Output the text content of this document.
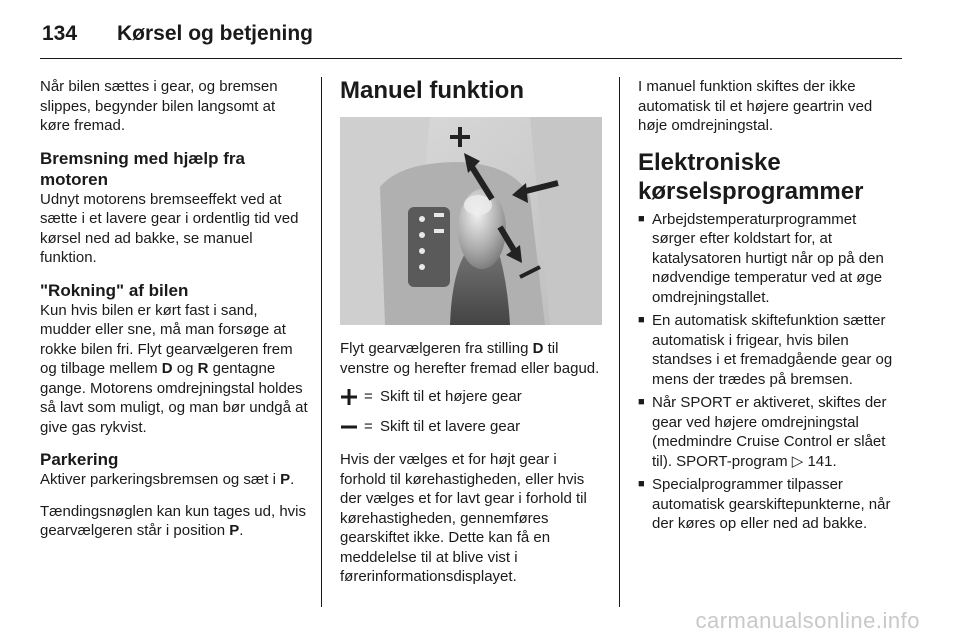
134	Kørsel og betjening

Når bilen sættes i gear, og bremsen slippes, begynder bilen langsomt at køre fremad.

Bremsning med hjælp fra motoren

Udnyt motorens bremseeffekt ved at sætte i et lavere gear i ordentlig tid ved kørsel ned ad bakke, se manuel funktion.

"Rokning" af bilen

Kun hvis bilen er kørt fast i sand, mudder eller sne, må man forsøge at rokke bilen fri. Flyt gearvælgeren frem og tilbage mellem D og R gentagne gange. Motorens omdrejningstal holdes så lavt som muligt, og man bør undgå at give gas rykvist.

Parkering

Aktiver parkeringsbremsen og sæt i P.

Tændingsnøglen kan kun tages ud, hvis gearvælgeren står i position P.

Manuel funktion

Flyt gearvælgeren fra stilling D til venstre og herefter fremad eller bagud.

= Skift til et højere gear
= Skift til et lavere gear

Hvis der vælges et for højt gear i forhold til kørehastigheden, eller hvis der vælges et for lavt gear i forhold til kørehastigheden, gennemføres gearskiftet ikke. Dette kan få en meddelelse til at blive vist i førerinformationsdisplayet.

I manuel funktion skiftes der ikke automatisk til et højere geartrin ved høje omdrejningstal.

Elektroniske
kørselsprogrammer
■ Arbejdstemperaturprogrammet sørger efter koldstart for, at katalysatoren hurtigt når op på den nødvendige temperatur ved at øge omdrejningstallet.
■ En automatisk skiftefunktion sætter automatisk i frigear, hvis bilen standses i et fremadgående gear og mens der trædes på bremsen.
■ Når SPORT er aktiveret, skiftes der gear ved højere omdrejningstal (medmindre Cruise Control er slået til). SPORT-program ▷ 141.
■ Specialprogrammer tilpasser automatisk gearskiftepunkterne, når der køres op eller ned ad bakke.
carmanualsonline.info
